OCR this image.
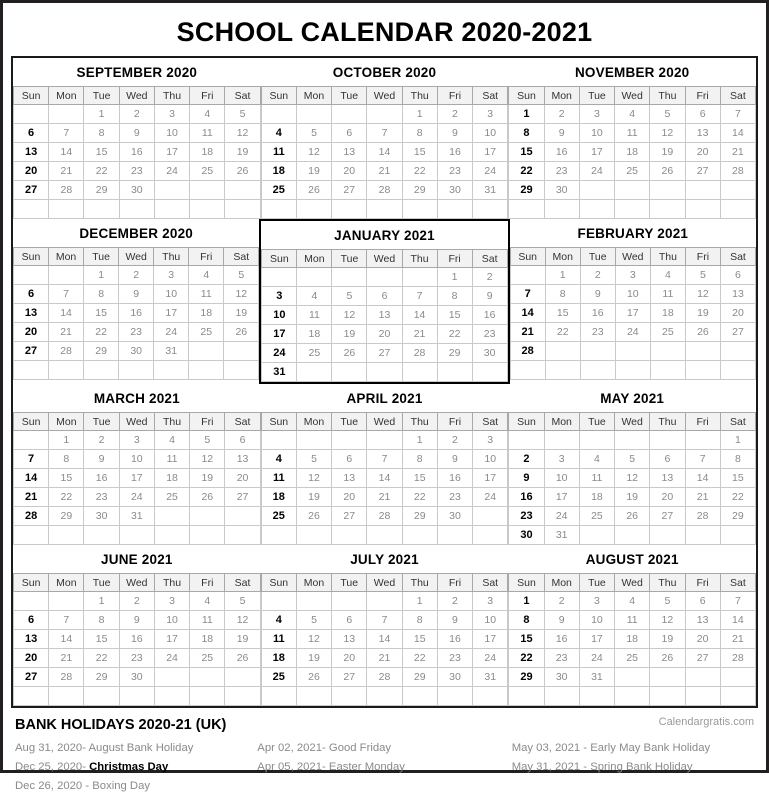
SCHOOL CALENDAR 2020-2021
SEPTEMBER 2020
Sun	Mon	Tue	Wed	Thu	Fri	Sat
		1	2	3	4	5
6	7	8	9	10	11	12
13	14	15	16	17	18	19
20	21	22	23	24	25	26
27	28	29	30			

OCTOBER 2020
Sun	Mon	Tue	Wed	Thu	Fri	Sat
				1	2	3
4	5	6	7	8	9	10
11	12	13	14	15	16	17
18	19	20	21	22	23	24
25	26	27	28	29	30	31

NOVEMBER 2020
Sun	Mon	Tue	Wed	Thu	Fri	Sat
1	2	3	4	5	6	7
8	9	10	11	12	13	14
15	16	17	18	19	20	21
22	23	24	25	26	27	28
29	30					

DECEMBER 2020
Sun	Mon	Tue	Wed	Thu	Fri	Sat
		1	2	3	4	5
6	7	8	9	10	11	12
13	14	15	16	17	18	19
20	21	22	23	24	25	26
27	28	29	30	31		

JANUARY 2021
Sun	Mon	Tue	Wed	Thu	Fri	Sat
					1	2
3	4	5	6	7	8	9
10	11	12	13	14	15	16
17	18	19	20	21	22	23
24	25	26	27	28	29	30
31						
FEBRUARY 2021
Sun	Mon	Tue	Wed	Thu	Fri	Sat
	1	2	3	4	5	6
7	8	9	10	11	12	13
14	15	16	17	18	19	20
21	22	23	24	25	26	27
28						

MARCH 2021
Sun	Mon	Tue	Wed	Thu	Fri	Sat
	1	2	3	4	5	6
7	8	9	10	11	12	13
14	15	16	17	18	19	20
21	22	23	24	25	26	27
28	29	30	31			

APRIL 2021
Sun	Mon	Tue	Wed	Thu	Fri	Sat
				1	2	3
4	5	6	7	8	9	10
11	12	13	14	15	16	17
18	19	20	21	22	23	24
25	26	27	28	29	30	

MAY 2021
Sun	Mon	Tue	Wed	Thu	Fri	Sat
						1
2	3	4	5	6	7	8
9	10	11	12	13	14	15
16	17	18	19	20	21	22
23	24	25	26	27	28	29
30	31					
JUNE 2021
Sun	Mon	Tue	Wed	Thu	Fri	Sat
		1	2	3	4	5
6	7	8	9	10	11	12
13	14	15	16	17	18	19
20	21	22	23	24	25	26
27	28	29	30			

JULY 2021
Sun	Mon	Tue	Wed	Thu	Fri	Sat
				1	2	3
4	5	6	7	8	9	10
11	12	13	14	15	16	17
18	19	20	21	22	23	24
25	26	27	28	29	30	31

AUGUST 2021
Sun	Mon	Tue	Wed	Thu	Fri	Sat
1	2	3	4	5	6	7
8	9	10	11	12	13	14
15	16	17	18	19	20	21
22	23	24	25	26	27	28
29	30	31				

Calendargratis.com
BANK HOLIDAYS 2020-21 (UK)
Aug 31, 2020- August Bank Holiday
Dec 25, 2020- Christmas Day
Dec 26, 2020 - Boxing Day
Apr 02, 2021- Good Friday
Apr 05, 2021- Easter Monday
May 03, 2021 - Early May Bank Holiday
May 31, 2021 - Spring Bank Holiday
